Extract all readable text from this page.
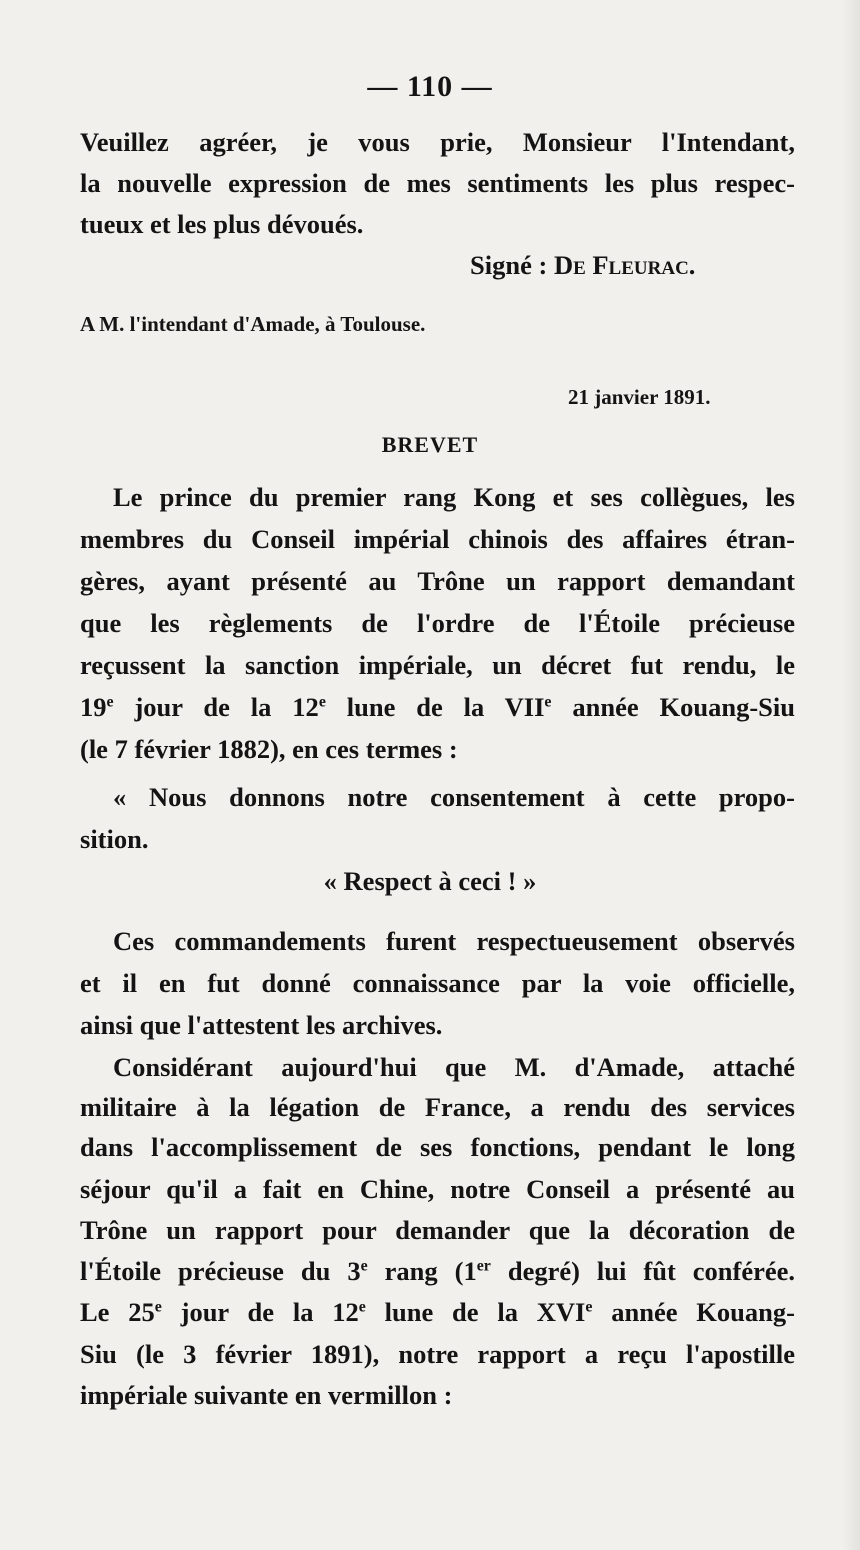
— 110 —
Veuillez agréer, je vous prie, Monsieur l'Intendant,
la nouvelle expression de mes sentiments les plus respec-
tueux et les plus dévoués.
Signé : De Fleurac.
A M. l'intendant d'Amade, à Toulouse.
21 janvier 1891.
BREVET
Le prince du premier rang Kong et ses collègues, les
membres du Conseil impérial chinois des affaires étran-
gères, ayant présenté au Trône un rapport demandant
que les règlements de l'ordre de l'Étoile précieuse
reçussent la sanction impériale, un décret fut rendu, le
19e jour de la 12e lune de la VIIe année Kouang-Siu
(le 7 février 1882), en ces termes :
« Nous donnons notre consentement à cette propo-
sition.
« Respect à ceci ! »
Ces commandements furent respectueusement observés
et il en fut donné connaissance par la voie officielle,
ainsi que l'attestent les archives.
Considérant aujourd'hui que M. d'Amade, attaché
militaire à la légation de France, a rendu des services
dans l'accomplissement de ses fonctions, pendant le long
séjour qu'il a fait en Chine, notre Conseil a présenté au
Trône un rapport pour demander que la décoration de
l'Étoile précieuse du 3e rang (1er degré) lui fût conférée.
Le 25e jour de la 12e lune de la XVIe année Kouang-
Siu (le 3 février 1891), notre rapport a reçu l'apostille
impériale suivante en vermillon :
